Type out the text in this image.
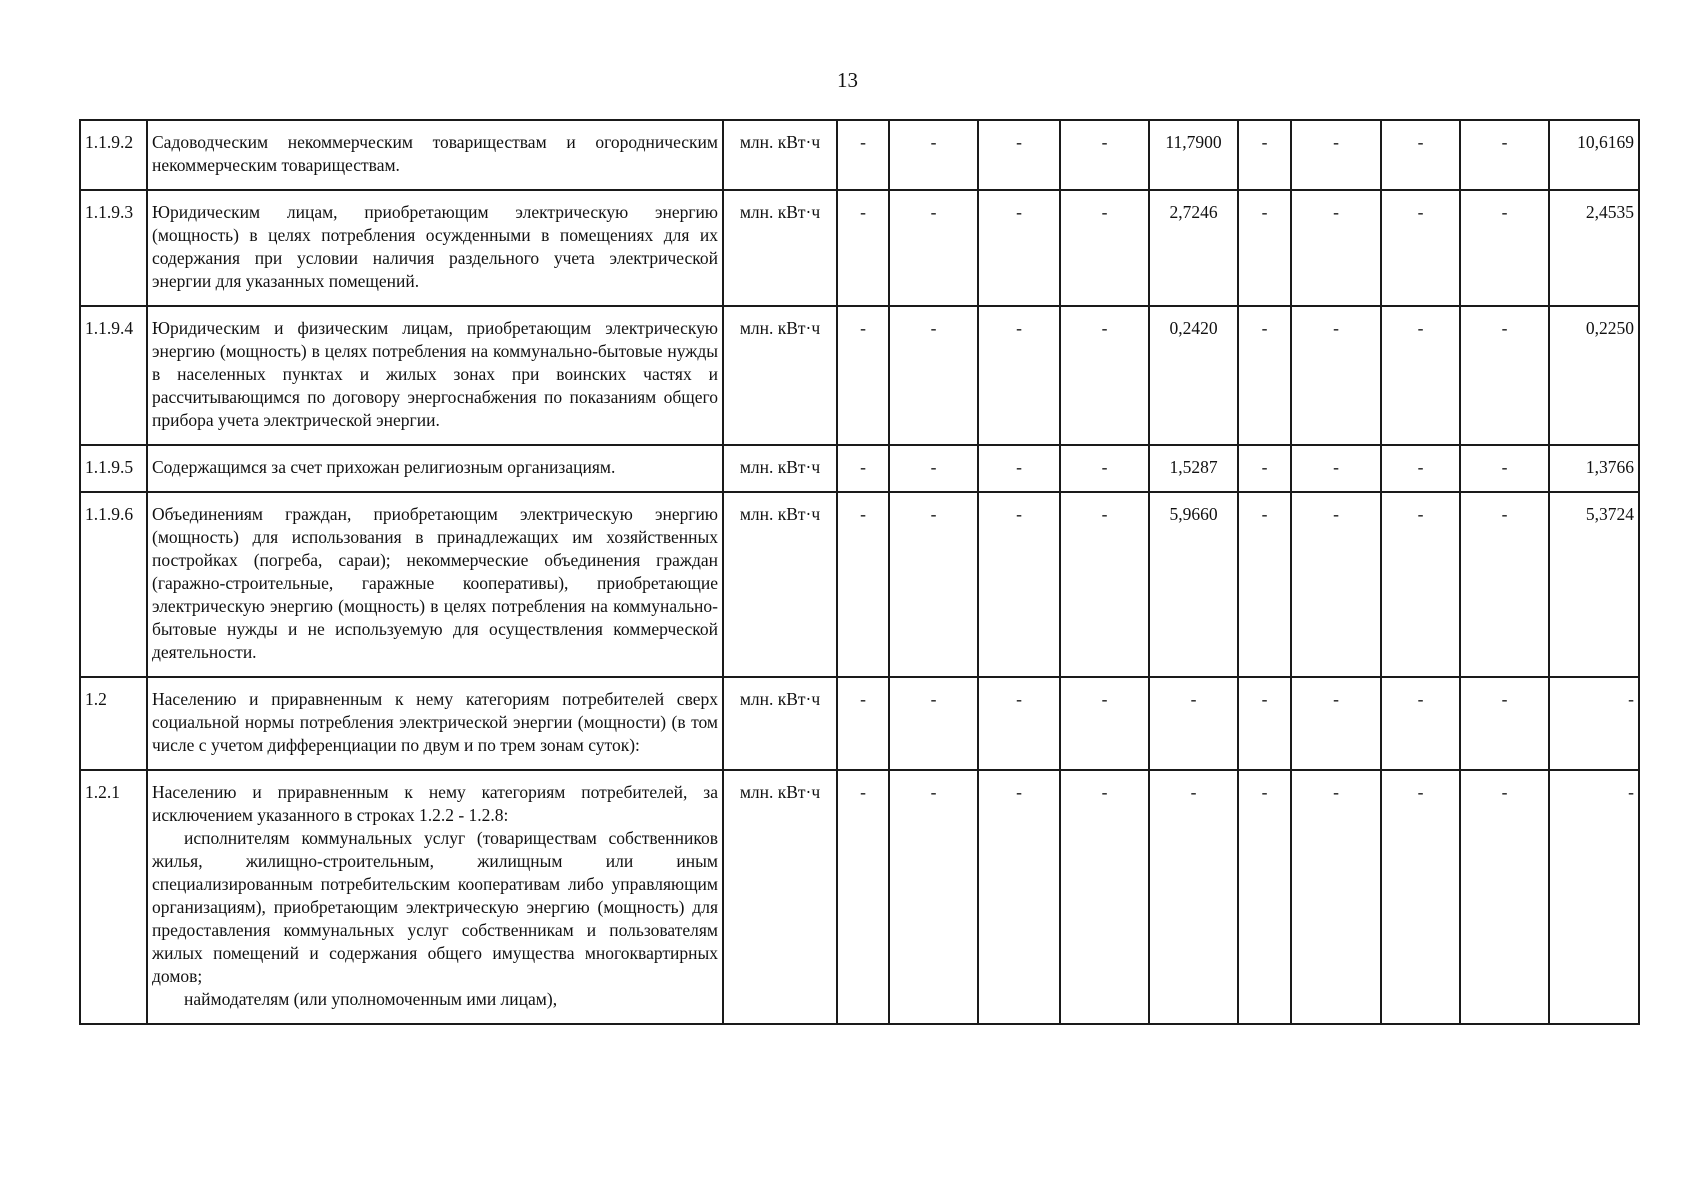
13
1.1.9.2	Садоводческим некоммерческим товариществам и огородническим некоммерческим товариществам.	млн. кВт·ч	-	-	-	-	11,7900	-	-	-	-	10,6169
1.1.9.3	Юридическим лицам, приобретающим электрическую энергию (мощность) в целях потребления осужденными в помещениях для их содержания при условии наличия раздельного учета электрической энергии для указанных помещений.	млн. кВт·ч	-	-	-	-	2,7246	-	-	-	-	2,4535
1.1.9.4	Юридическим и физическим лицам, приобретающим электрическую энергию (мощность) в целях потребления на коммунально-бытовые нужды в населенных пунктах и жилых зонах при воинских частях и рассчитывающимся по договору энергоснабжения по показаниям общего прибора учета электрической энергии.	млн. кВт·ч	-	-	-	-	0,2420	-	-	-	-	0,2250
1.1.9.5	Содержащимся за счет прихожан религиозным организациям.	млн. кВт·ч	-	-	-	-	1,5287	-	-	-	-	1,3766
1.1.9.6	Объединениям граждан, приобретающим электрическую энергию (мощность) для использования в принадлежащих им хозяйственных постройках (погреба, сараи); некоммерческие объединения граждан (гаражно-строительные, гаражные кооперативы), приобретающие электрическую энергию (мощность) в целях потребления на коммунально-бытовые нужды и не используемую для осуществления коммерческой деятельности.	млн. кВт·ч	-	-	-	-	5,9660	-	-	-	-	5,3724
1.2	Населению и приравненным к нему категориям потребителей сверх социальной нормы потребления электрической энергии (мощности) (в том числе с учетом дифференциации по двум и по трем зонам суток):	млн. кВт·ч	-	-	-	-	-	-	-	-	-	-
1.2.1	Населению и приравненным к нему категориям потребителей, за исключением указанного в строках 1.2.2 - 1.2.8:

исполнителям коммунальных услуг (товариществам собственников жилья, жилищно-строительным, жилищным или иным специализированным потребительским кооперативам либо управляющим организациям), приобретающим электрическую энергию (мощность) для предоставления коммунальных услуг собственникам и пользователям жилых помещений и содержания общего имущества многоквартирных домов;

наймодателям (или уполномоченным ими лицам),	млн. кВт·ч	-	-	-	-	-	-	-	-	-	-
